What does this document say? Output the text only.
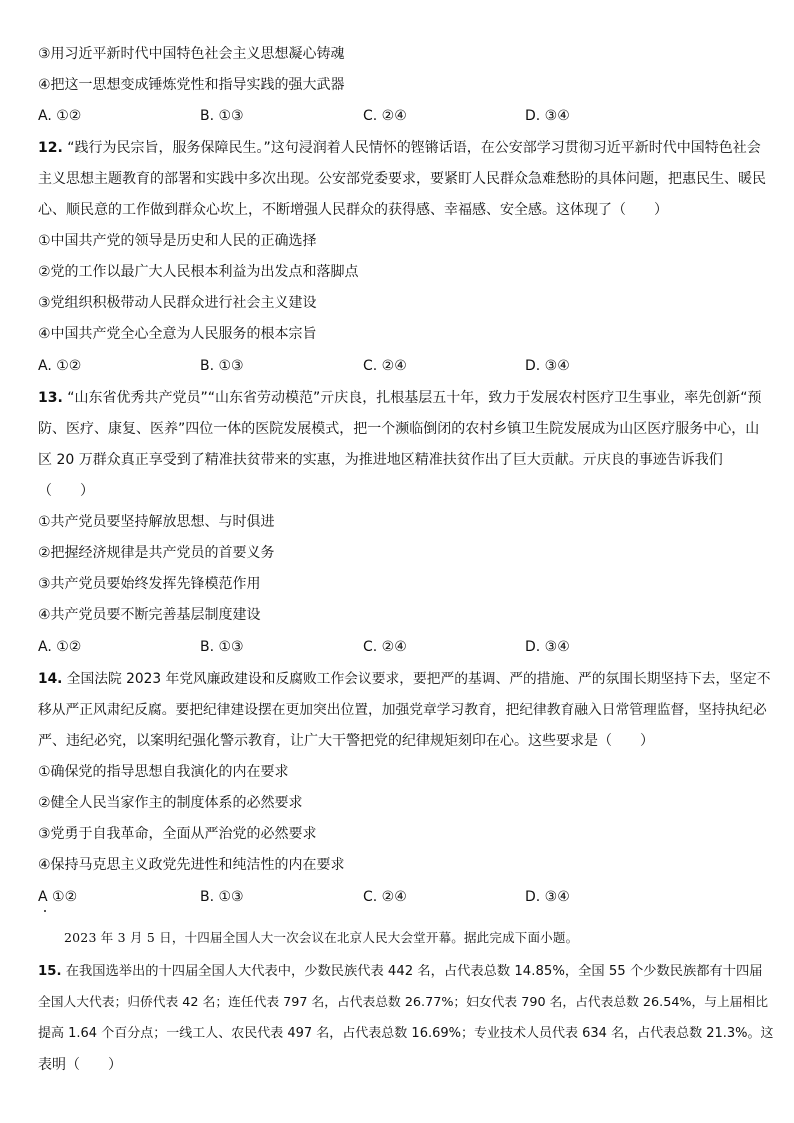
③用习近平新时代中国特色社会主义思想凝心铸魂
④把这一思想变成锤炼党性和指导实践的强大武器
A. ①②	B. ①③	C. ②④	D. ③④
12. “践行为民宗旨，服务保障民生。”这句浸润着人民情怀的铿锵话语，在公安部学习贯彻习近平新时代中国特色社会
主义思想主题教育的部署和实践中多次出现。公安部党委要求，要紧盯人民群众急难愁盼的具体问题，把惠民生、暖民
心、顺民意的工作做到群众心坎上，不断增强人民群众的获得感、幸福感、安全感。这体现了（　　）
①中国共产党的领导是历史和人民的正确选择
②党的工作以最广大人民根本利益为出发点和落脚点
③党组织积极带动人民群众进行社会主义建设
④中国共产党全心全意为人民服务的根本宗旨
A. ①②	B. ①③	C. ②④	D. ③④
13. “山东省优秀共产党员”“山东省劳动模范”亓庆良，扎根基层五十年，致力于发展农村医疗卫生事业，率先创新“预
防、医疗、康复、医养”四位一体的医院发展模式，把一个濒临倒闭的农村乡镇卫生院发展成为山区医疗服务中心，山
区 20 万群众真正享受到了精准扶贫带来的实惠，为推进地区精准扶贫作出了巨大贡献。亓庆良的事迹告诉我们
（　　）
①共产党员要坚持解放思想、与时俱进
②把握经济规律是共产党员的首要义务
③共产党员要始终发挥先锋模范作用
④共产党员要不断完善基层制度建设
A. ①②	B. ①③	C. ②④	D. ③④
14. 全国法院 2023 年党风廉政建设和反腐败工作会议要求，要把严的基调、严的措施、严的氛围长期坚持下去，坚定不
移从严正风肃纪反腐。要把纪律建设摆在更加突出位置，加强党章学习教育，把纪律教育融入日常管理监督，坚持执纪必
严、违纪必究，以案明纪强化警示教育，让广大干警把党的纪律规矩刻印在心。这些要求是（　　）
①确保党的指导思想自我演化的内在要求
②健全人民当家作主的制度体系的必然要求
③党勇于自我革命，全面从严治党的必然要求
④保持马克思主义政党先进性和纯洁性的内在要求
A ①②	B. ①③	C. ②④	D. ③④
2023 年 3 月 5 日，十四届全国人大一次会议在北京人民大会堂开幕。据此完成下面小题。
15. 在我国选举出的十四届全国人大代表中，少数民族代表 442 名，占代表总数 14.85%，全国 55 个少数民族都有十四届
全国人大代表；归侨代表 42 名；连任代表 797 名，占代表总数 26.77%；妇女代表 790 名，占代表总数 26.54%，与上届相比
提高 1.64 个百分点；一线工人、农民代表 497 名，占代表总数 16.69%；专业技术人员代表 634 名，占代表总数 21.3%。这
表明（　　）
